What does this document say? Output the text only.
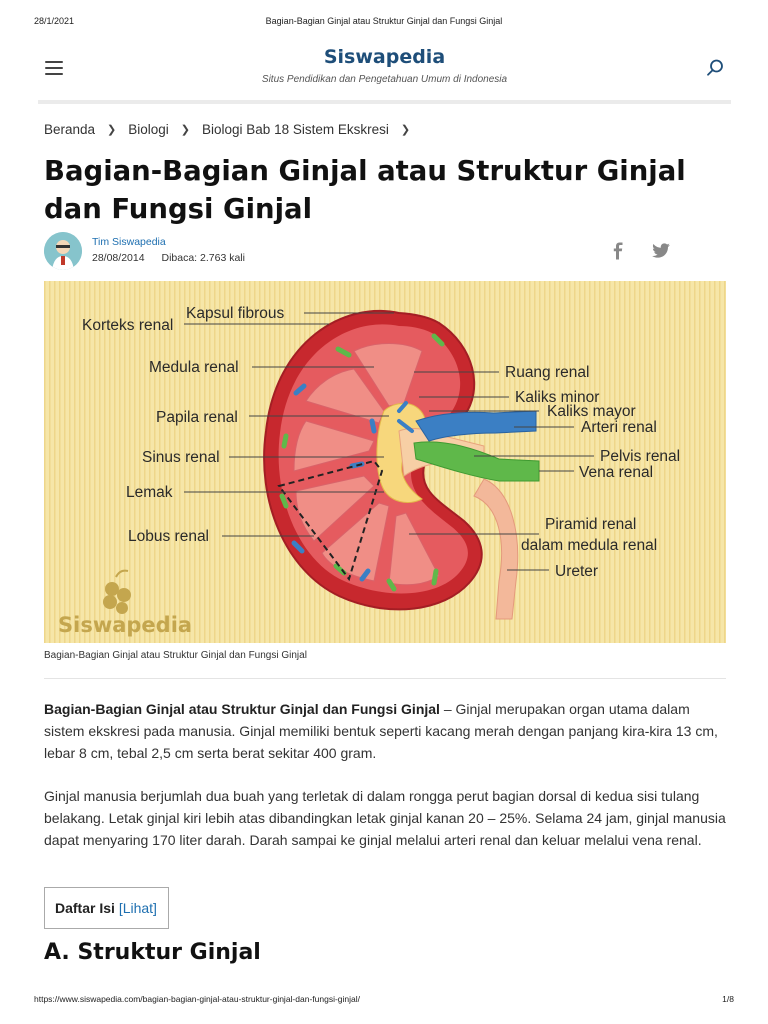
28/1/2021	Bagian-Bagian Ginjal atau Struktur Ginjal dan Fungsi Ginjal
Siswapedia
Situs Pendidikan dan Pengetahuan Umum di Indonesia
Beranda ❯ Biologi ❯ Biologi Bab 18 Sistem Ekskresi ❯
Bagian-Bagian Ginjal atau Struktur Ginjal dan Fungsi Ginjal
Tim Siswapedia
28/08/2014 Dibaca: 2.763 kali
Kapsul fibrous
Korteks renal
Medula renal
Papila renal
Sinus renal
Lemak
Lobus renal
Ruang renal
Kaliks minor
Kaliks mayor
Arteri renal
Pelvis renal
Vena renal
Piramid renal
dalam medula renal
Ureter
Siswapedia
Bagian-Bagian Ginjal atau Struktur Ginjal dan Fungsi Ginjal

Bagian-Bagian Ginjal atau Struktur Ginjal dan Fungsi Ginjal – Ginjal merupakan organ utama dalam sistem ekskresi pada manusia. Ginjal memiliki bentuk seperti kacang merah dengan panjang kira-kira 13 cm, lebar 8 cm, tebal 2,5 cm serta berat sekitar 400 gram.

Ginjal manusia berjumlah dua buah yang terletak di dalam rongga perut bagian dorsal di kedua sisi tulang belakang. Letak ginjal kiri lebih atas dibandingkan letak ginjal kanan 20 – 25%. Selama 24 jam, ginjal manusia dapat menyaring 170 liter darah. Darah sampai ke ginjal melalui arteri renal dan keluar melalui vena renal.

Daftar Isi [Lihat]
A. Struktur Ginjal
https://www.siswapedia.com/bagian-bagian-ginjal-atau-struktur-ginjal-dan-fungsi-ginjal/	1/8
